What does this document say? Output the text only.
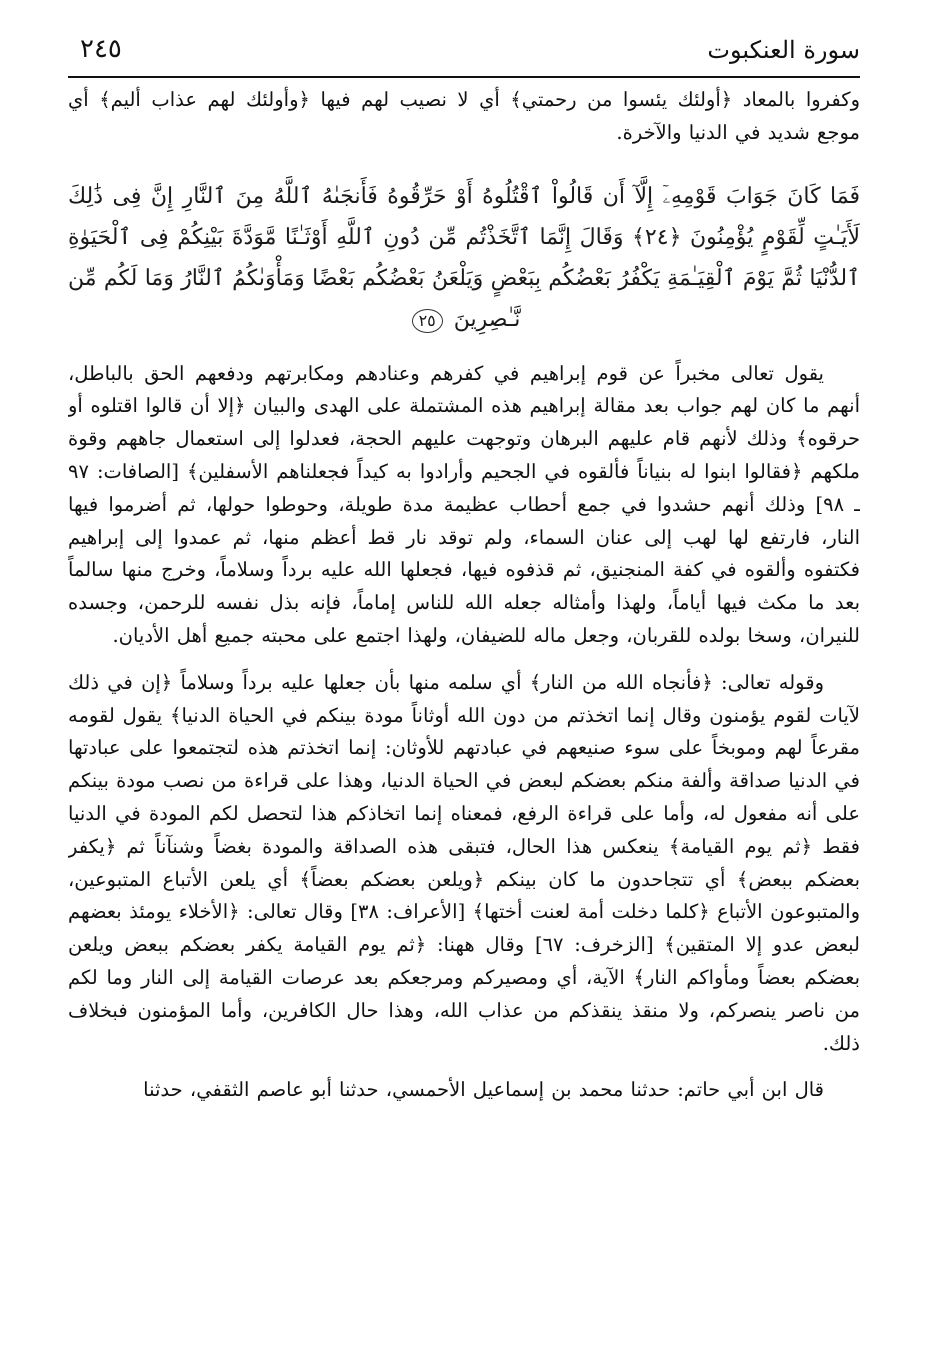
سورة العنكبوت
٢٤٥

وكفروا بالمعاد ﴿أولئك يئسوا من رحمتي﴾ أي لا نصيب لهم فيها ﴿وأولئك لهم عذاب أليم﴾ أي موجع شديد في الدنيا والآخرة.

فَمَا كَانَ جَوَابَ قَوْمِهِۦٓ إِلَّآ أَن قَالُواْ ٱقْتُلُوهُ أَوْ حَرِّقُوهُ فَأَنجَىٰهُ ٱللَّهُ مِنَ ٱلنَّارِ إِنَّ فِى ذَٰلِكَ لَأَيَـٰتٍ لِّقَوْمٍ يُؤْمِنُونَ ﴿٢٤﴾ وَقَالَ إِنَّمَا ٱتَّخَذْتُم مِّن دُونِ ٱللَّهِ أَوْثَـٰنًا مَّوَدَّةَ بَيْنِكُمْ فِى ٱلْحَيَوٰةِ ٱلدُّنْيَا ثُمَّ يَوْمَ ٱلْقِيَـٰمَةِ يَكْفُرُ بَعْضُكُم بِبَعْضٍ وَيَلْعَنُ بَعْضُكُم بَعْضًا وَمَأْوَىٰكُمُ ٱلنَّارُ وَمَا لَكُم مِّن نَّـٰصِرِينَ ٢٥

يقول تعالى مخبراً عن قوم إبراهيم في كفرهم وعنادهم ومكابرتهم ودفعهم الحق بالباطل، أنهم ما كان لهم جواب بعد مقالة إبراهيم هذه المشتملة على الهدى والبيان ﴿إلا أن قالوا اقتلوه أو حرقوه﴾ وذلك لأنهم قام عليهم البرهان وتوجهت عليهم الحجة، فعدلوا إلى استعمال جاههم وقوة ملكهم ﴿فقالوا ابنوا له بنياناً فألقوه في الجحيم وأرادوا به كيداً فجعلناهم الأسفلين﴾ [الصافات: ٩٧ ـ ٩٨] وذلك أنهم حشدوا في جمع أحطاب عظيمة مدة طويلة، وحوطوا حولها، ثم أضرموا فيها النار، فارتفع لها لهب إلى عنان السماء، ولم توقد نار قط أعظم منها، ثم عمدوا إلى إبراهيم فكتفوه وألقوه في كفة المنجنيق، ثم قذفوه فيها، فجعلها الله عليه برداً وسلاماً، وخرج منها سالماً بعد ما مكث فيها أياماً، ولهذا وأمثاله جعله الله للناس إماماً، فإنه بذل نفسه للرحمن، وجسده للنيران، وسخا بولده للقربان، وجعل ماله للضيفان، ولهذا اجتمع على محبته جميع أهل الأديان.

وقوله تعالى: ﴿فأنجاه الله من النار﴾ أي سلمه منها بأن جعلها عليه برداً وسلاماً ﴿إن في ذلك لآيات لقوم يؤمنون وقال إنما اتخذتم من دون الله أوثاناً مودة بينكم في الحياة الدنيا﴾ يقول لقومه مقرعاً لهم وموبخاً على سوء صنيعهم في عبادتهم للأوثان: إنما اتخذتم هذه لتجتمعوا على عبادتها في الدنيا صداقة وألفة منكم بعضكم لبعض في الحياة الدنيا، وهذا على قراءة من نصب مودة بينكم على أنه مفعول له، وأما على قراءة الرفع، فمعناه إنما اتخاذكم هذا لتحصل لكم المودة في الدنيا فقط ﴿ثم يوم القيامة﴾ ينعكس هذا الحال، فتبقى هذه الصداقة والمودة بغضاً وشنآناً ثم ﴿يكفر بعضكم ببعض﴾ أي تتجاحدون ما كان بينكم ﴿ويلعن بعضكم بعضاً﴾ أي يلعن الأتباع المتبوعين، والمتبوعون الأتباع ﴿كلما دخلت أمة لعنت أختها﴾ [الأعراف: ٣٨] وقال تعالى: ﴿الأخلاء يومئذ بعضهم لبعض عدو إلا المتقين﴾ [الزخرف: ٦٧] وقال ههنا: ﴿ثم يوم القيامة يكفر بعضكم ببعض ويلعن بعضكم بعضاً ومأواكم النار﴾ الآية، أي ومصيركم ومرجعكم بعد عرصات القيامة إلى النار وما لكم من ناصر ينصركم، ولا منقذ ينقذكم من عذاب الله، وهذا حال الكافرين، وأما المؤمنون فبخلاف ذلك.

قال ابن أبي حاتم: حدثنا محمد بن إسماعيل الأحمسي، حدثنا أبو عاصم الثقفي، حدثنا
